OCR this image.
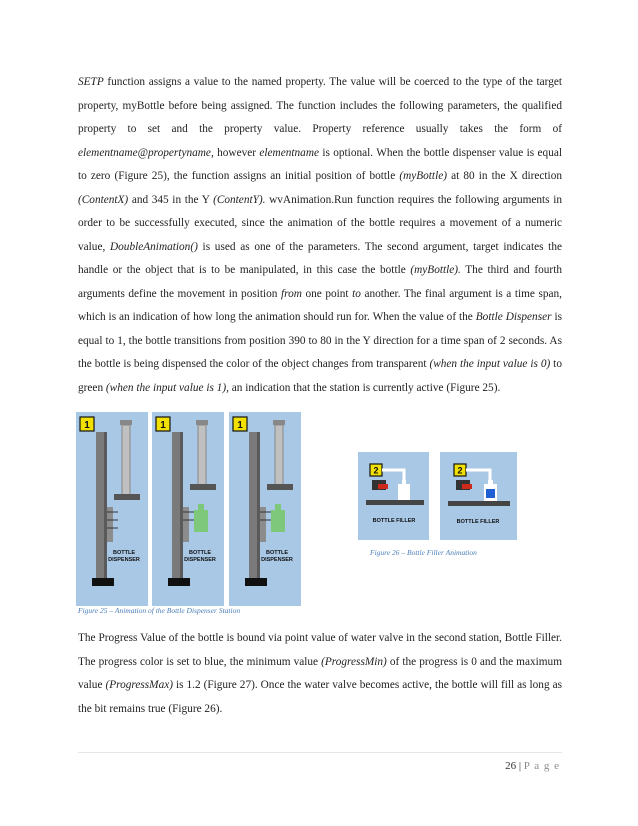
SETP function assigns a value to the named property. The value will be coerced to the type of the target property, myBottle before being assigned. The function includes the following parameters, the qualified property to set and the property value. Property reference usually takes the form of elementname@propertyname, however elementname is optional. When the bottle dispenser value is equal to zero (Figure 25), the function assigns an initial position of bottle (myBottle) at 80 in the X direction (ContentX) and 345 in the Y (ContentY). wvAnimation.Run function requires the following arguments in order to be successfully executed, since the animation of the bottle requires a movement of a numeric value, DoubleAnimation() is used as one of the parameters. The second argument, target indicates the handle or the object that is to be manipulated, in this case the bottle (myBottle). The third and fourth arguments define the movement in position from one point to another. The final argument is a time span, which is an indication of how long the animation should run for. When the value of the Bottle Dispenser is equal to 1, the bottle transitions from position 390 to 80 in the Y direction for a time span of 2 seconds. As the bottle is being dispensed the color of the object changes from transparent (when the input value is 0) to green (when the input value is 1), an indication that the station is currently active (Figure 25).

1
BOTTLE
DISPENSER
1
BOTTLE
DISPENSER
1
BOTTLE
DISPENSER
Figure 25 – Animation of the Bottle Dispenser Station
2
BOTTLE FILLER
2
BOTTLE FILLER
Figure 26 – Bottle Filler Animation

The Progress Value of the bottle is bound via point value of water valve in the second station, Bottle Filler. The progress color is set to blue, the minimum value (ProgressMin) of the progress is 0 and the maximum value (ProgressMax) is 1.2 (Figure 27). Once the water valve becomes active, the bottle will fill as long as the bit remains true (Figure 26).

26 | P a g e
